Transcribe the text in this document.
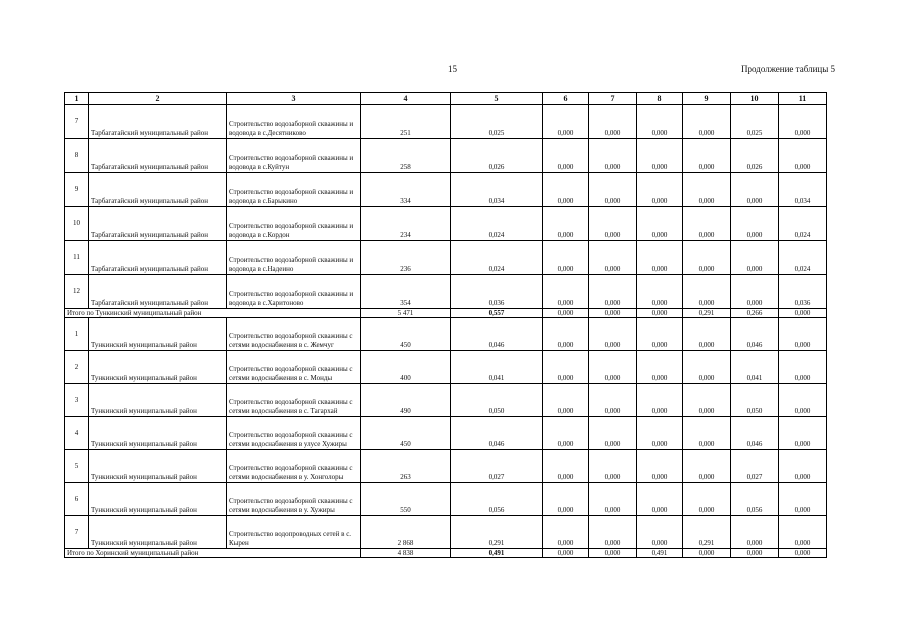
15	Продолжение таблицы 5
1	2	3	4	5	6	7	8	9	10	11
7	Тарбагатайский муниципальный район	Строительство водозаборной скважины и водовода в с.Десятниково	251	0,025	0,000	0,000	0,000	0,000	0,025	0,000
8	Тарбагатайский муниципальный район	Строительство водозаборной скважины и водовода в с.Куйтун	258	0,026	0,000	0,000	0,000	0,000	0,026	0,000
9	Тарбагатайский муниципальный район	Строительство водозаборной скважины и водовода в с.Барыкино	334	0,034	0,000	0,000	0,000	0,000	0,000	0,034
10	Тарбагатайский муниципальный район	Строительство водозаборной скважины и водовода в с.Кордон	234	0,024	0,000	0,000	0,000	0,000	0,000	0,024
11	Тарбагатайский муниципальный район	Строительство водозаборной скважины и водовода в с.Надеино	236	0,024	0,000	0,000	0,000	0,000	0,000	0,024
12	Тарбагатайский муниципальный район	Строительство водозаборной скважины и водовода в с.Харитоново	354	0,036	0,000	0,000	0,000	0,000	0,000	0,036
Итого по Тункинский муниципальный район			5 471	0,557	0,000	0,000	0,000	0,291	0,266	0,000
1	Тункинский муниципальный район	Строительство водозаборной скважины с сетями водоснабжения в с. Жемчуг	450	0,046	0,000	0,000	0,000	0,000	0,046	0,000
2	Тункинский муниципальный район	Строительство водозаборной скважины с сетями водоснабжения в с. Монды	400	0,041	0,000	0,000	0,000	0,000	0,041	0,000
3	Тункинский муниципальный район	Строительство водозаборной скважины с сетями водоснабжения в с. Тагархай	490	0,050	0,000	0,000	0,000	0,000	0,050	0,000
4	Тункинский муниципальный район	Строительство водозаборной скважины с сетями водоснабжения в улусе Хужиры	450	0,046	0,000	0,000	0,000	0,000	0,046	0,000
5	Тункинский муниципальный район	Строительство водозаборной скважины с сетями водоснабжения в у. Хонголоры	263	0,027	0,000	0,000	0,000	0,000	0,027	0,000
6	Тункинский муниципальный район	Строительство водозаборной скважины с сетями водоснабжения в у. Хужиры	550	0,056	0,000	0,000	0,000	0,000	0,056	0,000
7	Тункинский муниципальный район	Строительство водопроводных сетей в с. Кырен	2 868	0,291	0,000	0,000	0,000	0,291	0,000	0,000
Итого по Хоринский муниципальный район			4 838	0,491	0,000	0,000	0,491	0,000	0,000	0,000
